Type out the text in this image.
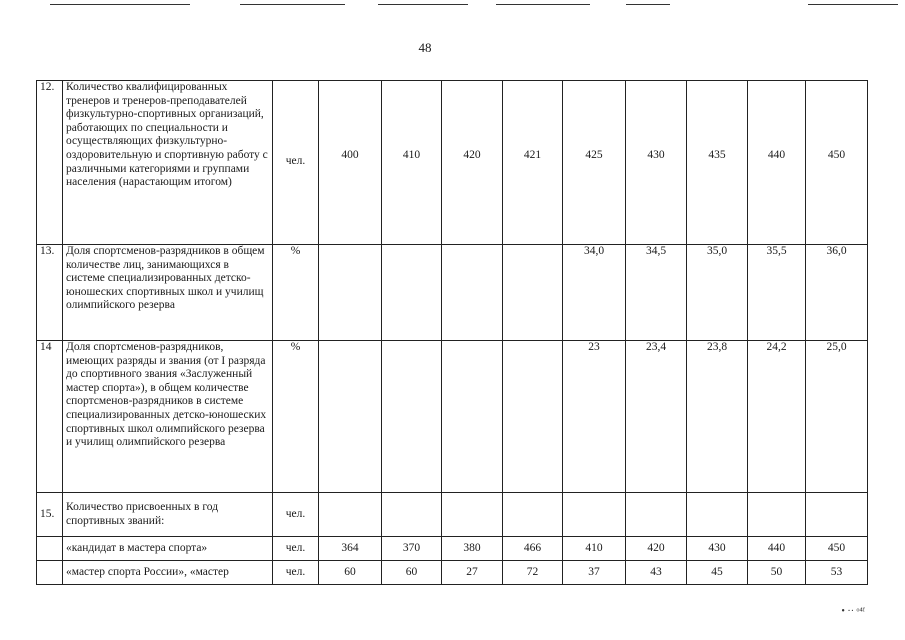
48
12.	Количество квалифицированных тренеров и тренеров-преподавателей физкультурно-спортивных организаций, работающих по специальности и осуществляющих физкультурно-оздоровительную и спортивную работу с различными категориями и группами населения (нарастающим итогом)	чел.	400	410	420	421	425	430	435	440	450
13.	Доля спортсменов-разрядников в общем количестве лиц, занимающихся в системе специализированных детско-юношеских спортивных школ и училищ олимпийского резерва	%					34,0	34,5	35,0	35,5	36,0
14	Доля спортсменов-разрядников, имеющих разряды и звания (от I разряда до спортивного звания «Заслуженный мастер спорта»), в общем количестве спортсменов-разрядников в системе специализированных детско-юношеских спортивных школ олимпийского резерва и училищ олимпийского резерва	%					23	23,4	23,8	24,2	25,0
15.	Количество присвоенных в год спортивных званий:	чел.									
	«кандидат в мастера спорта»	чел.	364	370	380	466	410	420	430	440	450
	«мастер спорта России», «мастер	чел.	60	60	27	72	37	43	45	50	53
• ·· ᵒ⁴ᶠ
